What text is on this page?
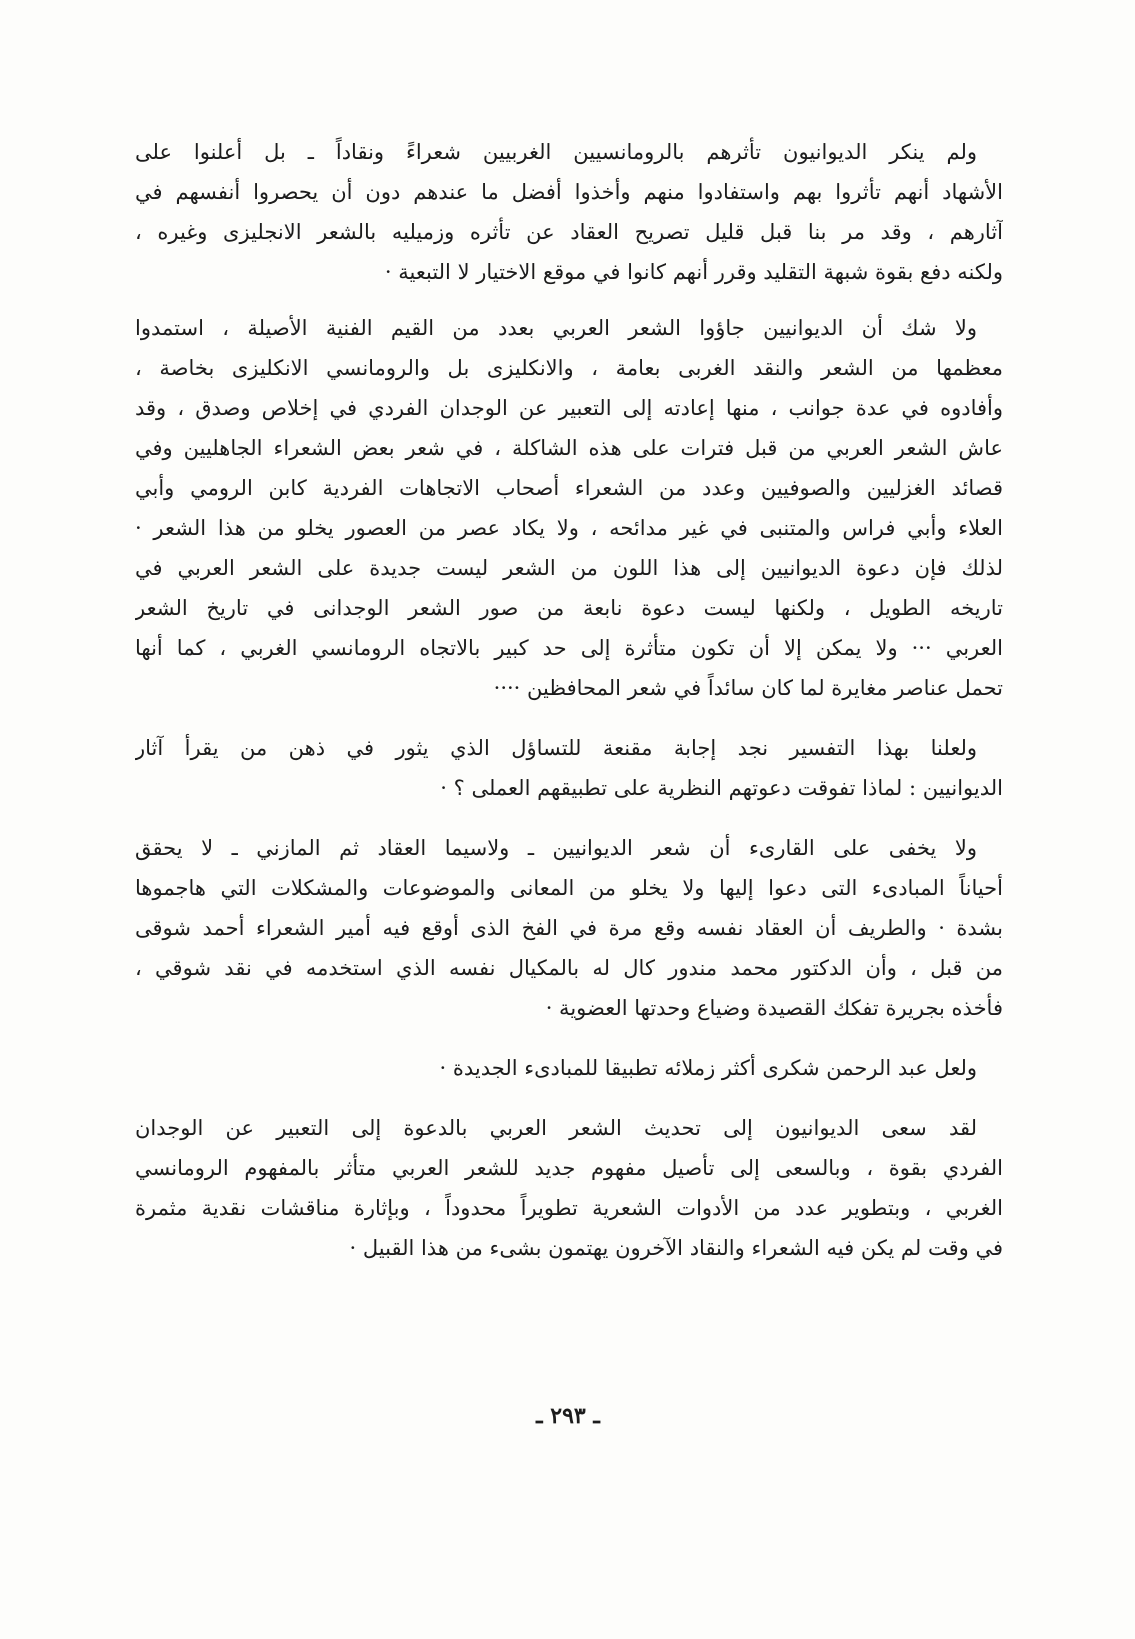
ولم ينكر الديوانيون تأثرهم بالرومانسيين الغربيين شعراءً ونقاداً ـ بل أعلنوا على
الأشهاد أنهم تأثروا بهم واستفادوا منهم وأخذوا أفضل ما عندهم دون أن يحصروا أنفسهم في
آثارهم ، وقد مر بنا قبل قليل تصريح العقاد عن تأثره وزميليه بالشعر الانجليزى وغيره ،
ولكنه دفع بقوة شبهة التقليد وقرر أنهم كانوا في موقع الاختيار لا التبعية ·
ولا شك أن الديوانيين جاؤوا الشعر العربي بعدد من القيم الفنية الأصيلة ، استمدوا
معظمها من الشعر والنقد الغربى بعامة ، والانكليزى بل والرومانسي الانكليزى بخاصة ،
وأفادوه في عدة جوانب ، منها إعادته إلى التعبير عن الوجدان الفردي في إخلاص وصدق ، وقد
عاش الشعر العربي من قبل فترات على هذه الشاكلة ، في شعر بعض الشعراء الجاهليين وفي
قصائد الغزليين والصوفيين وعدد من الشعراء أصحاب الاتجاهات الفردية كابن الرومي وأبي
العلاء وأبي فراس والمتنبى في غير مدائحه ، ولا يكاد عصر من العصور يخلو من هذا الشعر ·
لذلك فإن دعوة الديوانيين إلى هذا اللون من الشعر ليست جديدة على الشعر العربي في
تاريخه الطويل ، ولكنها ليست دعوة نابعة من صور الشعر الوجدانى في تاريخ الشعر
العربي ··· ولا يمكن إلا أن تكون متأثرة إلى حد كبير بالاتجاه الرومانسي الغربي ، كما أنها
تحمل عناصر مغايرة لما كان سائداً في شعر المحافظين ····
ولعلنا بهذا التفسير نجد إجابة مقنعة للتساؤل الذي يثور في ذهن من يقرأ آثار
الديوانيين : لماذا تفوقت دعوتهم النظرية على تطبيقهم العملى ؟ ·
ولا يخفى على القارىء أن شعر الديوانيين ـ ولاسيما العقاد ثم المازني ـ لا يحقق
أحياناً المبادىء التى دعوا إليها ولا يخلو من المعانى والموضوعات والمشكلات التي هاجموها
بشدة · والطريف أن العقاد نفسه وقع مرة في الفخ الذى أوقع فيه أمير الشعراء أحمد شوقى
من قبل ، وأن الدكتور محمد مندور كال له بالمكيال نفسه الذي استخدمه في نقد شوقي ،
فأخذه بجريرة تفكك القصيدة وضياع وحدتها العضوية ·
ولعل عبد الرحمن شكرى أكثر زملائه تطبيقا للمبادىء الجديدة ·
لقد سعى الديوانيون إلى تحديث الشعر العربي بالدعوة إلى التعبير عن الوجدان
الفردي بقوة ، وبالسعى إلى تأصيل مفهوم جديد للشعر العربي متأثر بالمفهوم الرومانسي
الغربي ، وبتطوير عدد من الأدوات الشعرية تطويراً محدوداً ، وبإثارة مناقشات نقدية مثمرة
في وقت لم يكن فيه الشعراء والنقاد الآخرون يهتمون بشىء من هذا القبيل ·
ـ ٢٩٣ ـ
